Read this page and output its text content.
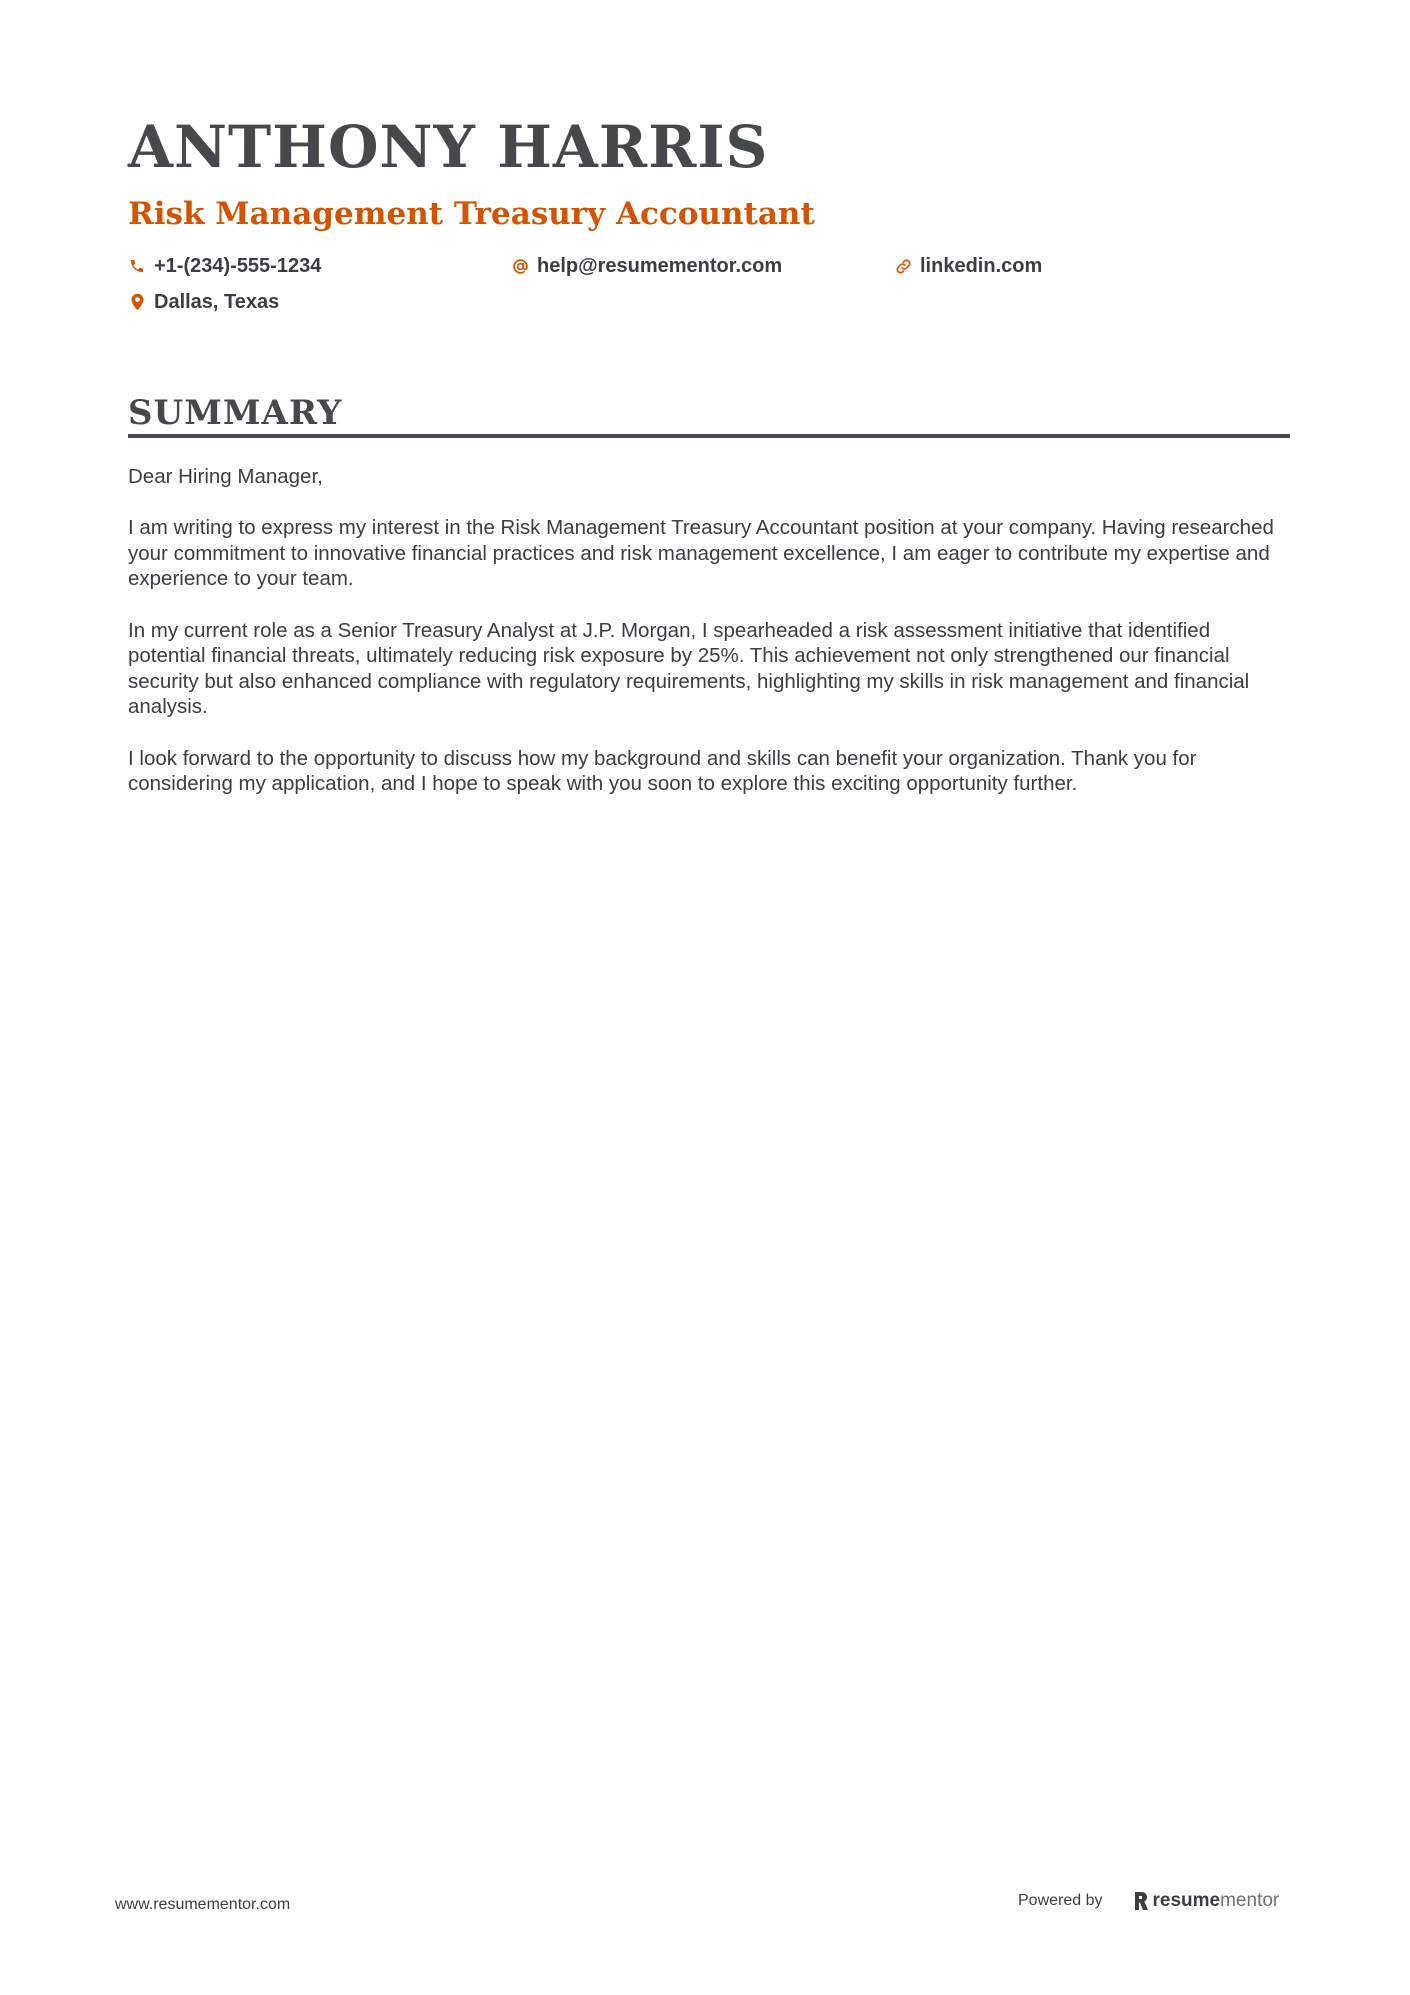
ANTHONY HARRIS
Risk Management Treasury Accountant
+1-(234)-555-1234	help@resumementor.com	linkedin.com
Dallas, Texas
SUMMARY

Dear Hiring Manager,

I am writing to express my interest in the Risk Management Treasury Accountant position at your company. Having researched your commitment to innovative financial practices and risk management excellence, I am eager to contribute my expertise and experience to your team.

In my current role as a Senior Treasury Analyst at J.P. Morgan, I spearheaded a risk assessment initiative that identified potential financial threats, ultimately reducing risk exposure by 25%. This achievement not only strengthened our financial security but also enhanced compliance with regulatory requirements, highlighting my skills in risk management and financial analysis.

I look forward to the opportunity to discuss how my background and skills can benefit your organization. Thank you for considering my application, and I hope to speak with you soon to explore this exciting opportunity further.

www.resumementor.com	Powered by	resume mentor
